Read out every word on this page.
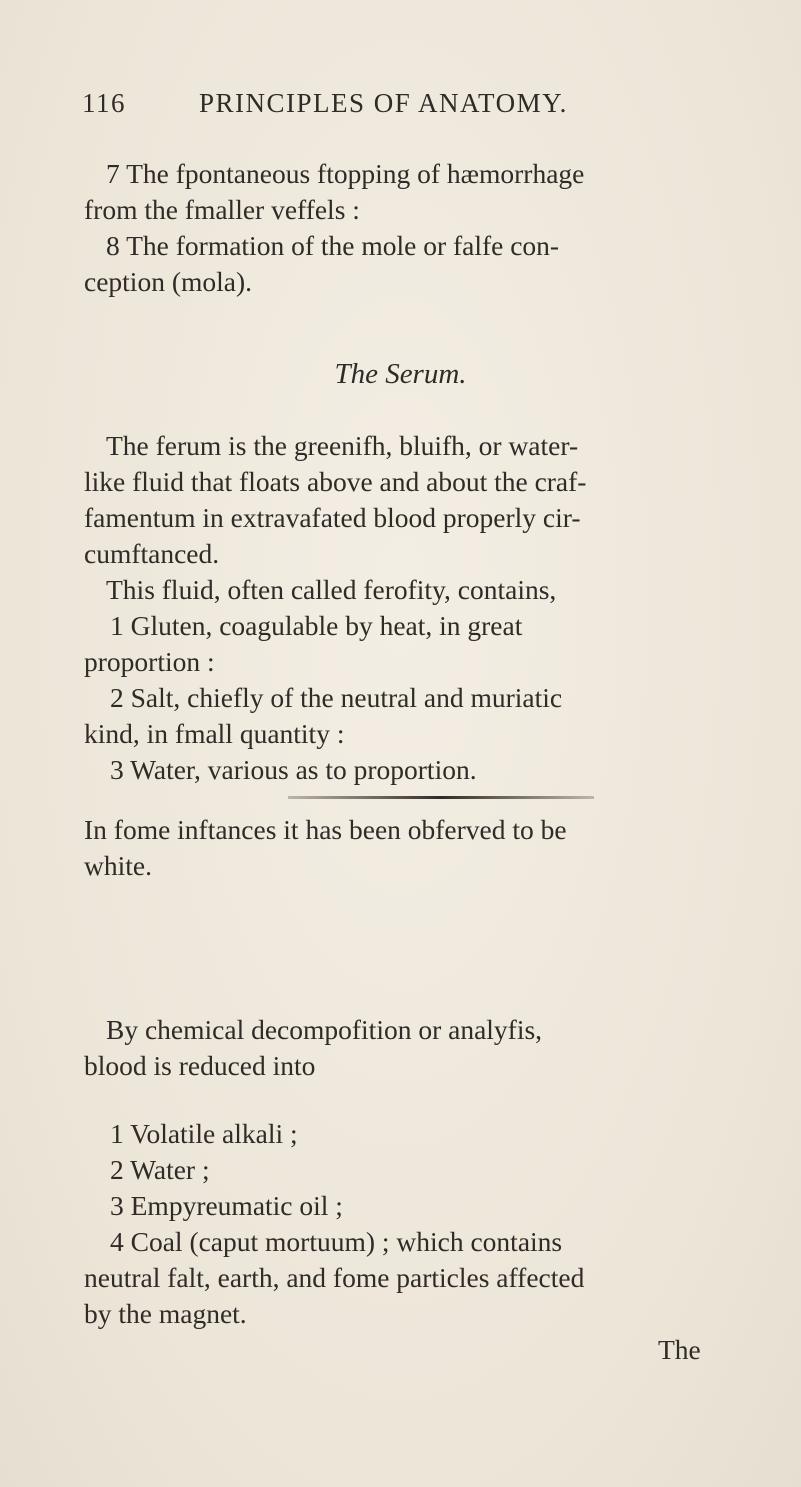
116	PRINCIPLES OF ANATOMY.
7 The fpontaneous ftopping of hæmorrhage
from the fmaller veffels :
8 The formation of the mole or falfe con-
ception (mola).
The Serum.
The ferum is the greenifh, bluifh, or water-
like fluid that floats above and about the craf-
famentum in extravafated blood properly cir-
cumftanced.
This fluid, often called ferofity, contains,
1 Gluten, coagulable by heat, in great
proportion :
2 Salt, chiefly of the neutral and muriatic
kind, in fmall quantity :
3 Water, various as to proportion.
In fome inftances it has been obferved to be
white.
By chemical decompofition or analyfis,
blood is reduced into
1 Volatile alkali ;
2 Water ;
3 Empyreumatic oil ;
4 Coal (caput mortuum) ; which contains
neutral falt, earth, and fome particles affected
by the magnet.
The
